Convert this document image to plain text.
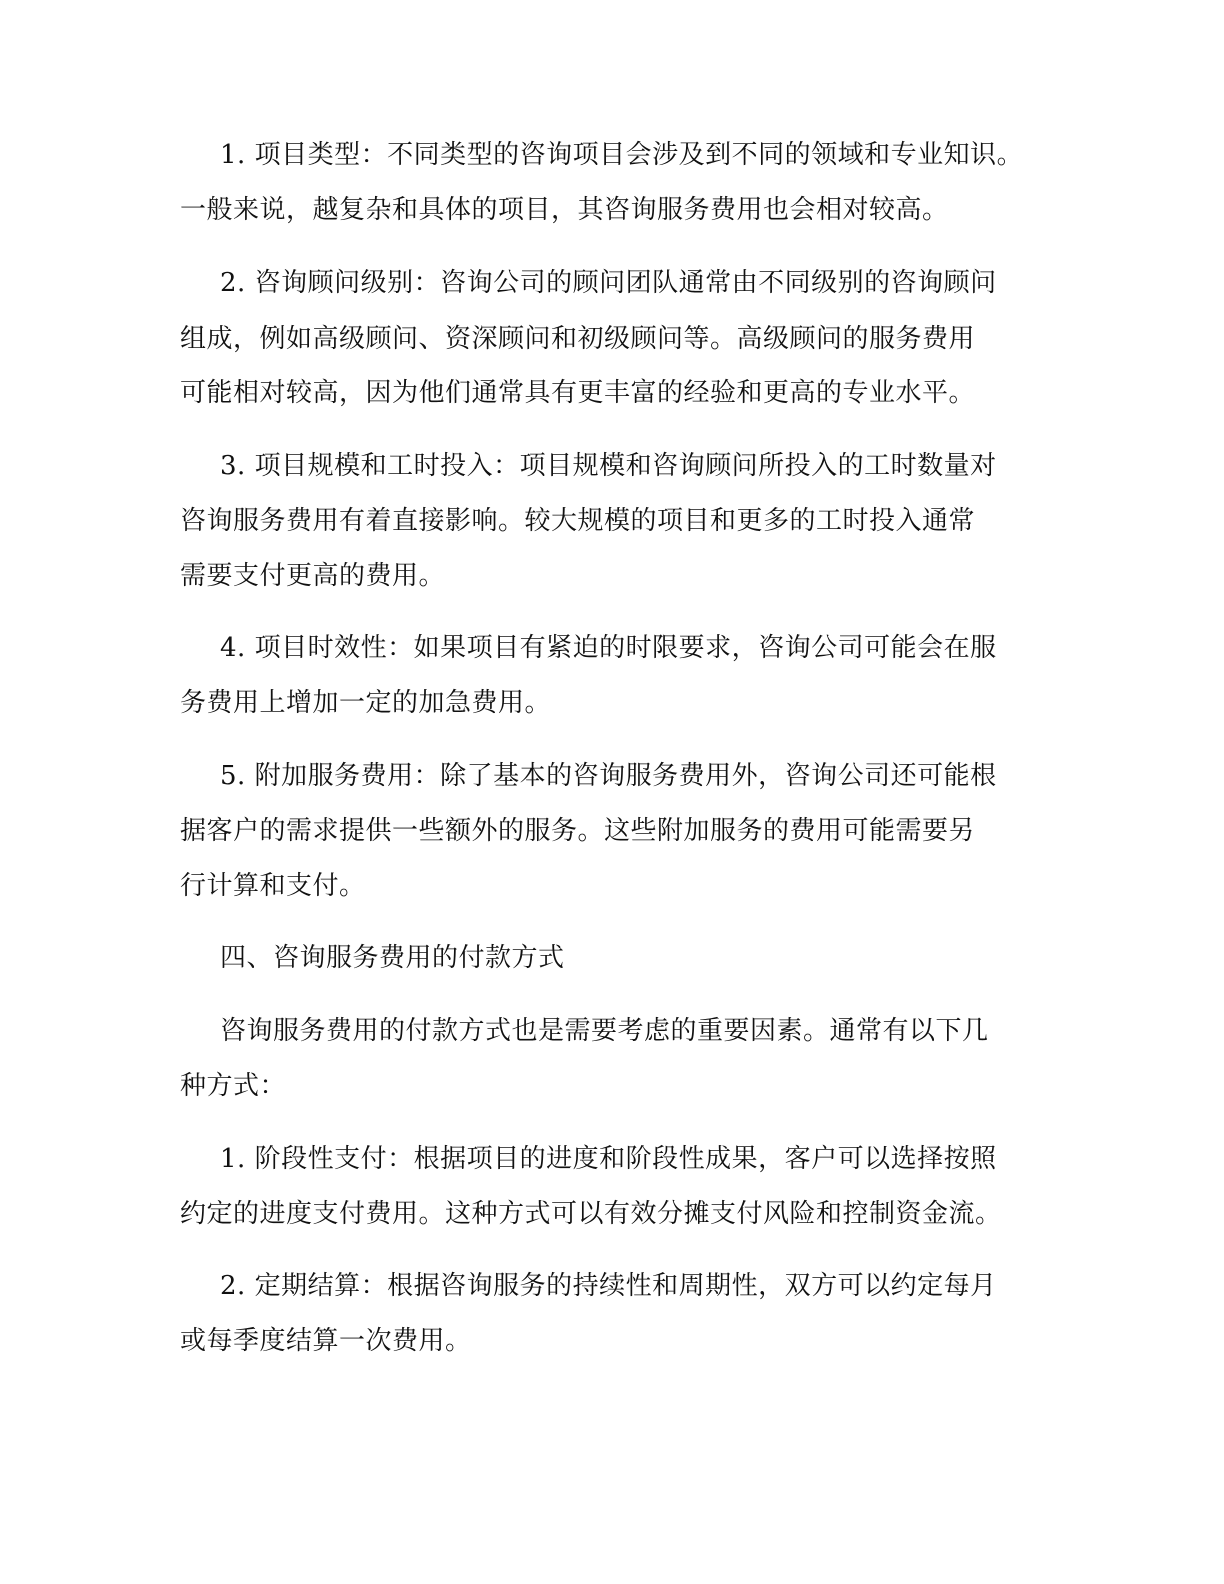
1. 项目类型：不同类型的咨询项目会涉及到不同的领域和专业知识。
一般来说，越复杂和具体的项目，其咨询服务费用也会相对较高。
2. 咨询顾问级别：咨询公司的顾问团队通常由不同级别的咨询顾问
组成，例如高级顾问、资深顾问和初级顾问等。高级顾问的服务费用
可能相对较高，因为他们通常具有更丰富的经验和更高的专业水平。
3. 项目规模和工时投入：项目规模和咨询顾问所投入的工时数量对
咨询服务费用有着直接影响。较大规模的项目和更多的工时投入通常
需要支付更高的费用。
4. 项目时效性：如果项目有紧迫的时限要求，咨询公司可能会在服
务费用上增加一定的加急费用。
5. 附加服务费用：除了基本的咨询服务费用外，咨询公司还可能根
据客户的需求提供一些额外的服务。这些附加服务的费用可能需要另
行计算和支付。
四、咨询服务费用的付款方式
咨询服务费用的付款方式也是需要考虑的重要因素。通常有以下几
种方式：
1. 阶段性支付：根据项目的进度和阶段性成果，客户可以选择按照
约定的进度支付费用。这种方式可以有效分摊支付风险和控制资金流。
2. 定期结算：根据咨询服务的持续性和周期性，双方可以约定每月
或每季度结算一次费用。
